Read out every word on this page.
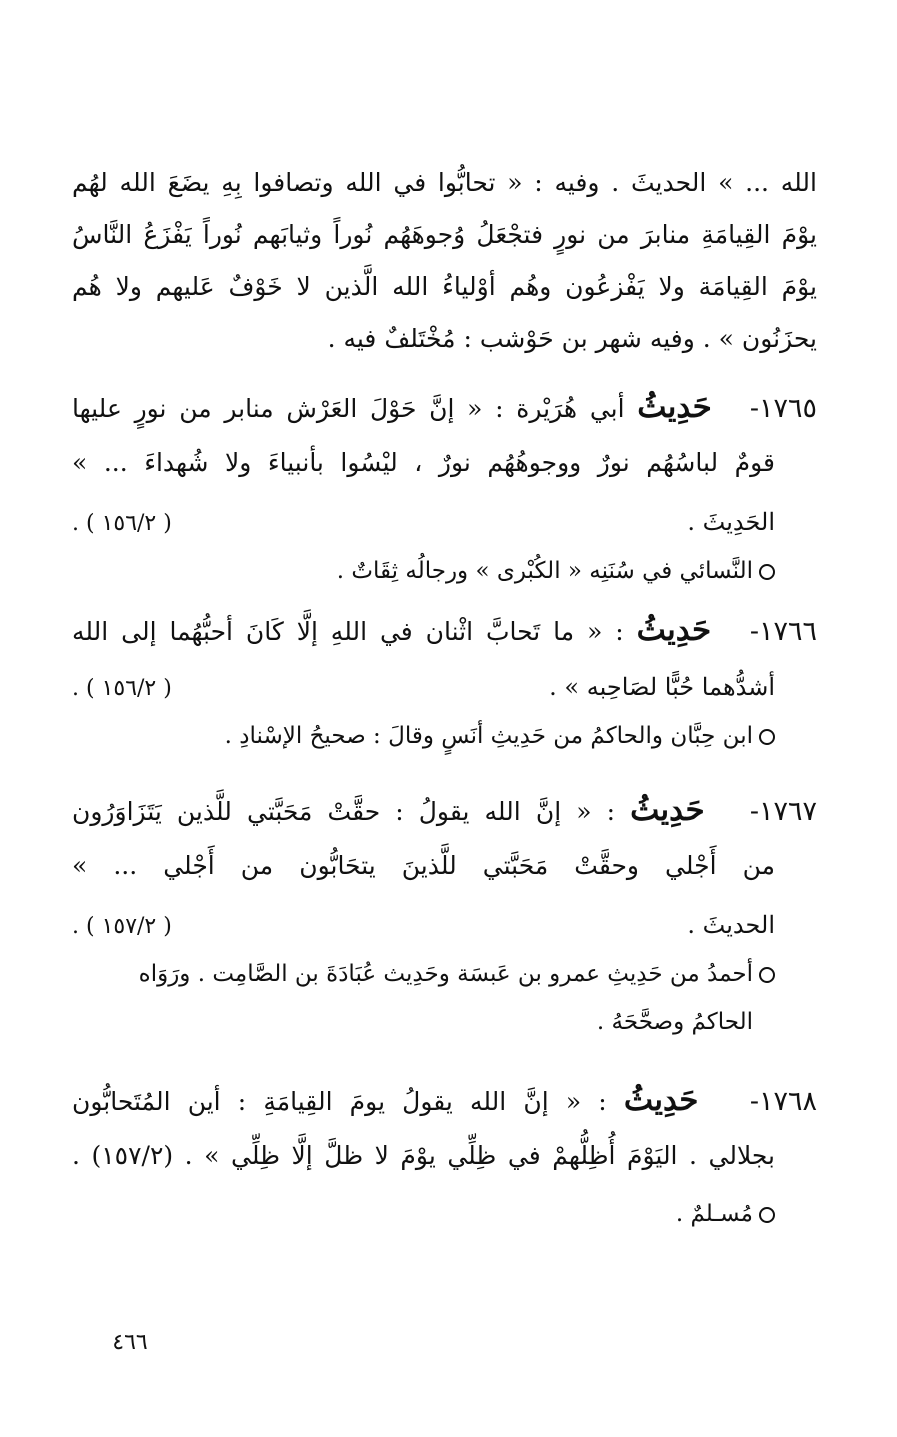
الله ... » الحديثَ . وفيه : « تحابُّوا في الله وتصافوا بِهِ يضَعَ الله لهُم
يوْمَ القِيامَةِ منابرَ من نورٍ فتجْعَلُ وُجوهَهُم نُوراً وثيابَهم نُوراً يَفْزَعُ النَّاسُ
يوْمَ القِيامَة ولا يَفْزعُون وهُم أوْلياءُ الله الَّذين لا خَوْفٌ عَليهم ولا هُم
يحزَنُون » . وفيه شهر بن حَوْشب : مُخْتَلفٌ فيه .
١٧٦٥-   حَدِيثُ أبي هُرَيْرة : « إنَّ حَوْلَ العَرْش منابر من نورٍ عليها
قومٌ لباسُهُم نورٌ ووجوهُهُم نورٌ ، ليْسُوا بأنبياءَ ولا شُهداءَ ... »
الحَدِيثَ .
( ١٥٦/٢ ) .
النَّسائي في سُنَنِه « الكُبْرى » ورجالُه ثِقَاتٌ .
١٧٦٦-   حَدِيثُ : « ما تَحابَّ اثْنان في اللهِ إلَّا كَانَ أحبُّهُما إلى الله
أشدُّهما حُبًّا لصَاحِبه » .
( ١٥٦/٢ ) .
ابن حِبَّان والحاكمُ من حَدِيثِ أنَسٍ وقالَ : صحيحُ الإسْنادِ .
١٧٦٧-   حَدِيثُ : « إنَّ الله يقولُ : حقَّتْ مَحَبَّتي للَّذين يَتَزَاوَرُون
من أَجْلي وحقَّتْ مَحَبَّتي للَّذينَ يتحَابُّون من أَجْلي ... »
الحديثَ .
( ١٥٧/٢ ) .
أحمدُ من حَدِيثِ عمرو بن عَبسَة وحَدِيث عُبَادَةَ بن الصَّامِت . ورَوَاه
الحاكمُ وصحَّحَهُ .
١٧٦٨-   حَدِيثُ : « إنَّ الله يقولُ يومَ القِيامَةِ : أين المُتَحابُّون
بجلالي . اليَوْمَ أُظِلُّهمْ في ظِلِّي يوْمَ لا ظلَّ إلَّا ظِلِّي » . (١٥٧/٢) .
مُسـلمٌ .
٤٦٦
